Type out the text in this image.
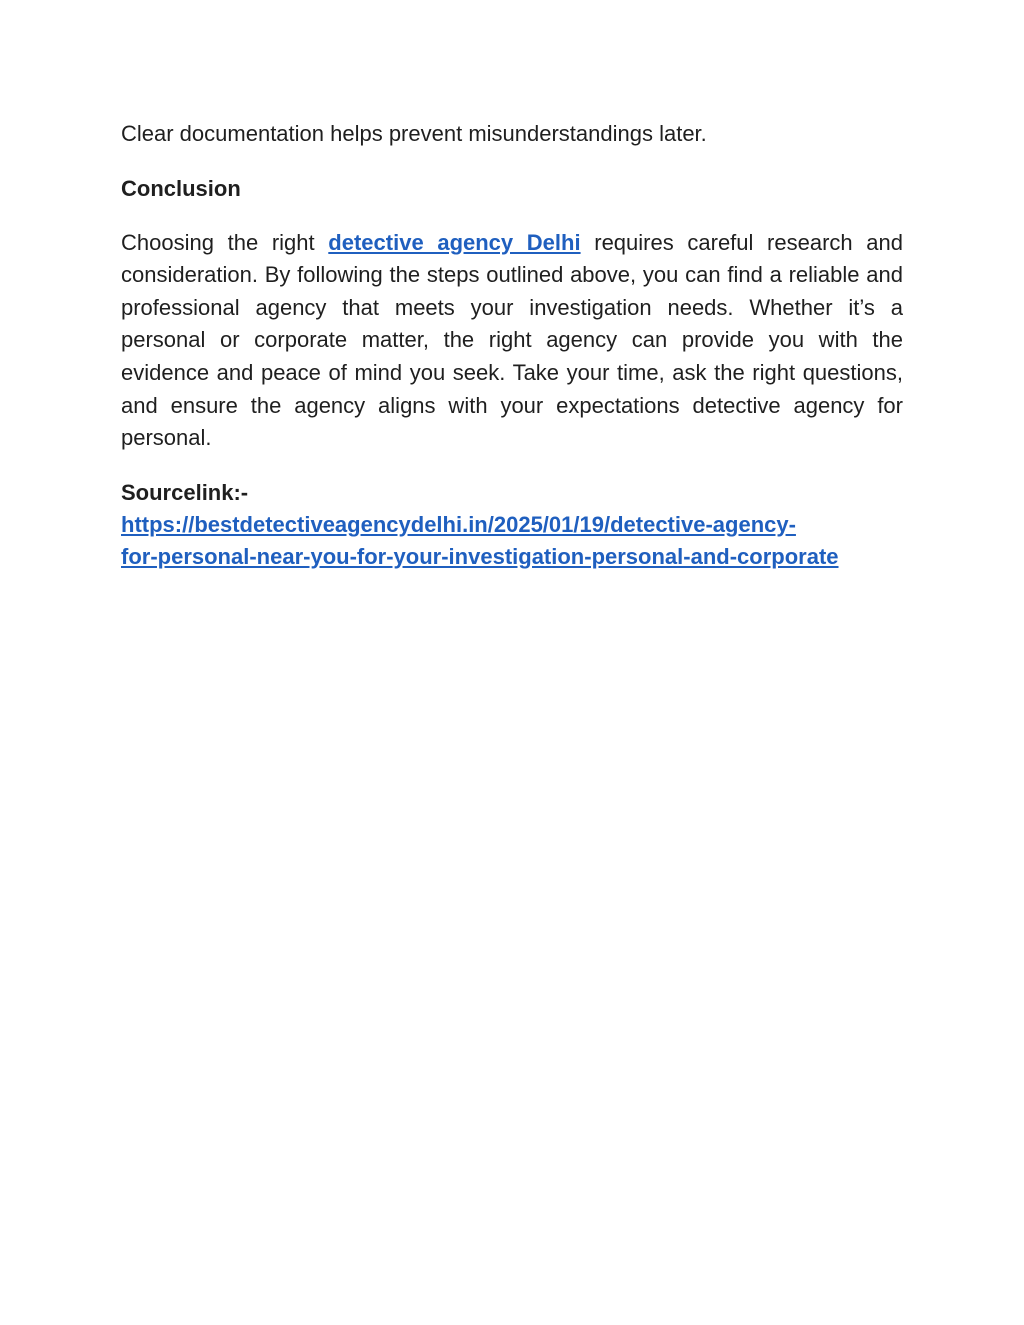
Clear documentation helps prevent misunderstandings later.

Conclusion

Choosing the right detective agency Delhi requires careful research and consideration. By following the steps outlined above, you can find a reliable and professional agency that meets your investigation needs. Whether it’s a personal or corporate matter, the right agency can provide you with the evidence and peace of mind you seek. Take your time, ask the right questions, and ensure the agency aligns with your expectations detective agency for personal.

Sourcelink:-
https://bestdetectiveagencydelhi.in/2025/01/19/detective-agency-
for-personal-near-you-for-your-investigation-personal-and-corporate
